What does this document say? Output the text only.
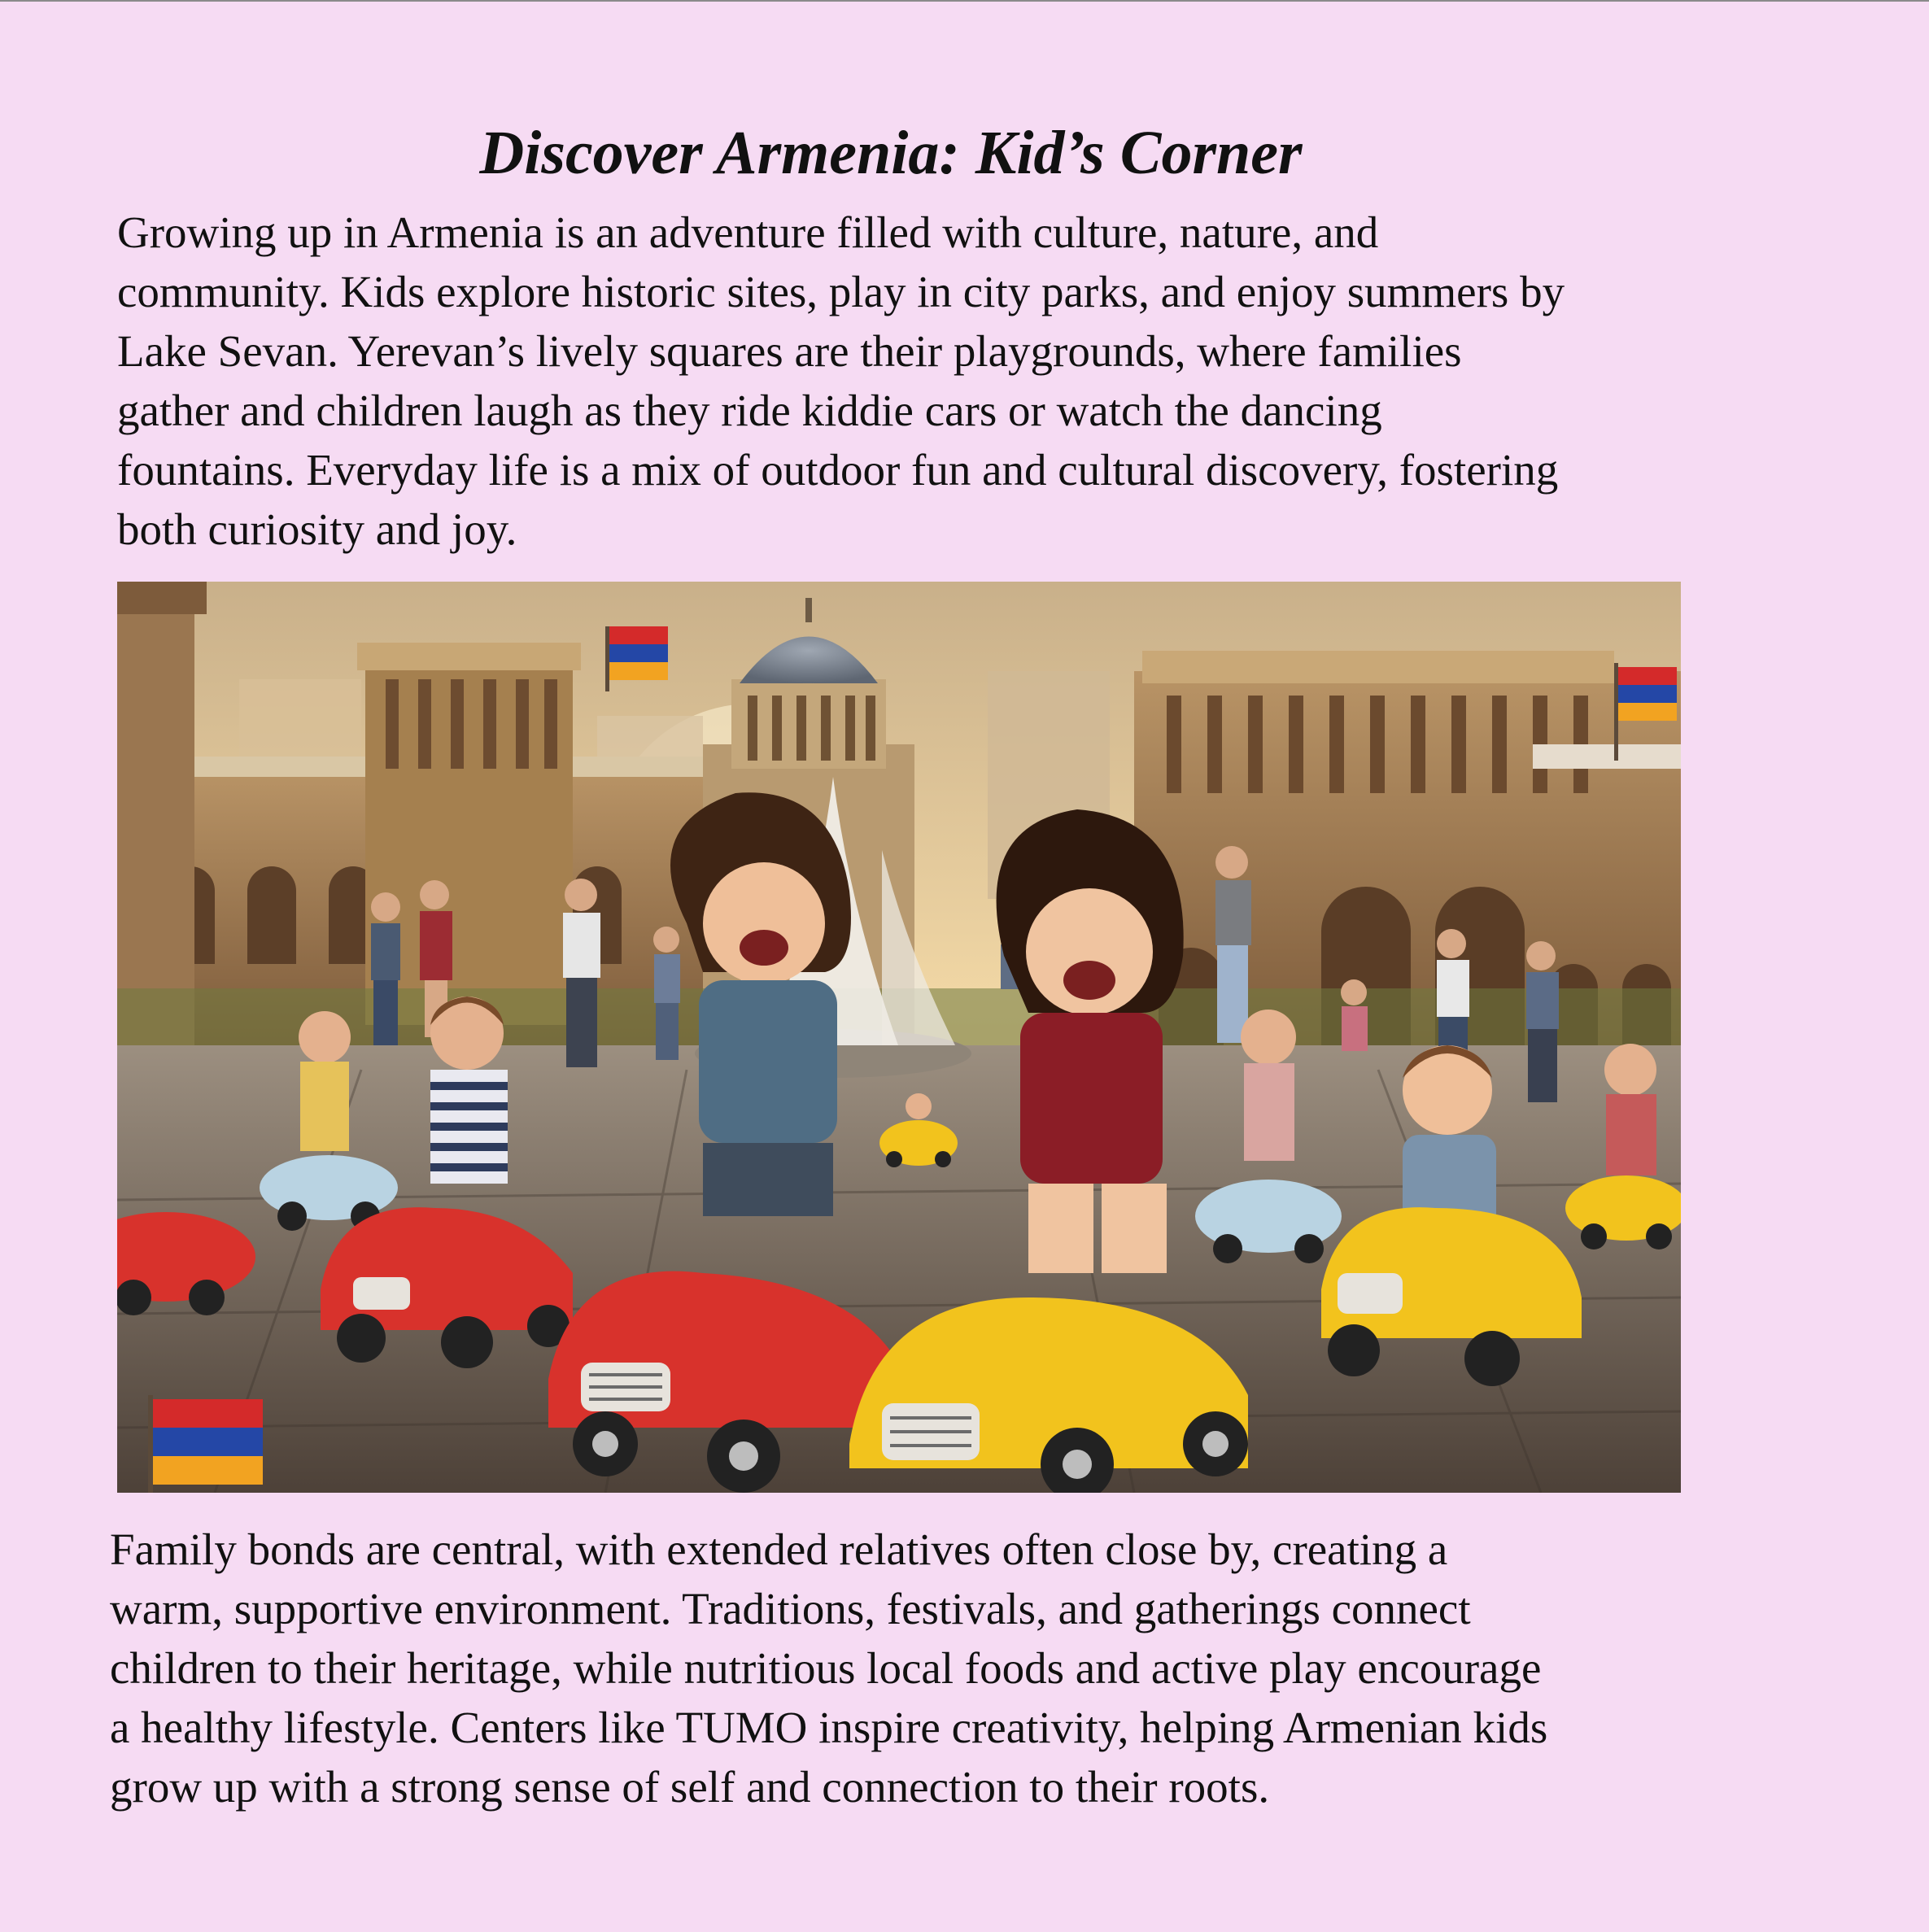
Discover Armenia: Kid’s Corner
Growing up in Armenia is an adventure filled with culture, nature, and
community. Kids explore historic sites, play in city parks, and enjoy summers by
Lake Sevan. Yerevan’s lively squares are their playgrounds, where families
gather and children laugh as they ride kiddie cars or watch the dancing
fountains. Everyday life is a mix of outdoor fun and cultural discovery, fostering
both curiosity and joy.
Family bonds are central, with extended relatives often close by, creating a
warm, supportive environment. Traditions, festivals, and gatherings connect
children to their heritage, while nutritious local foods and active play encourage
a healthy lifestyle. Centers like TUMO inspire creativity, helping Armenian kids
grow up with a strong sense of self and connection to their roots.
